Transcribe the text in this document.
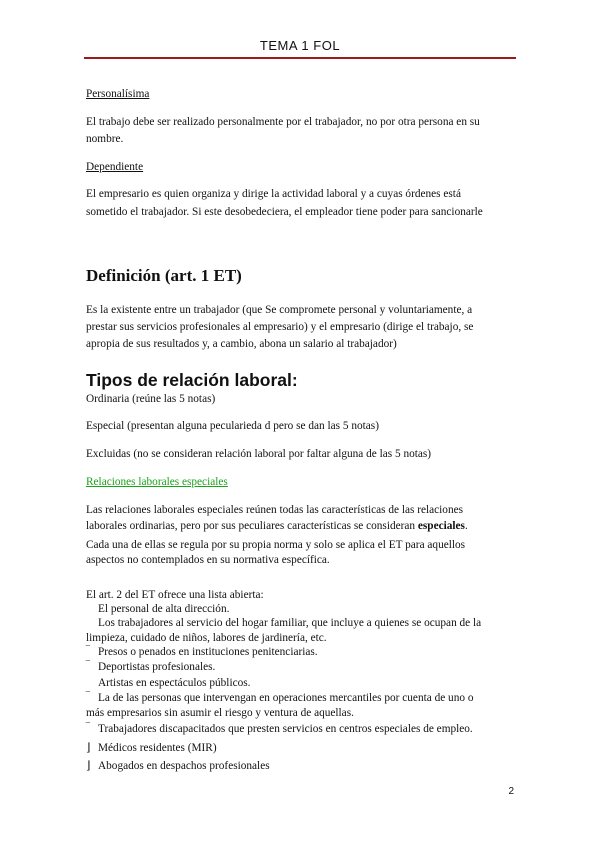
TEMA 1 FOL
Personalísima
El trabajo debe ser realizado personalmente por el trabajador, no por otra persona en su
nombre.
Dependiente
El empresario es quien organiza y dirige la actividad laboral y a cuyas órdenes está
sometido el trabajador. Si este desobedeciera, el empleador tiene poder para sancionarle
Definición (art. 1 ET)
Es la existente entre un trabajador (que Se compromete personal y voluntariamente, a
prestar sus servicios profesionales al empresario) y el empresario (dirige el trabajo, se
apropia de sus resultados y, a cambio, abona un salario al trabajador)
Tipos de relación laboral:
Ordinaria (reúne las 5 notas)
Especial (presentan alguna pecularieda d pero se dan las 5 notas)
Excluidas (no se consideran relación laboral por faltar alguna de las 5 notas)
Relaciones laborales especiales
Las relaciones laborales especiales reúnen todas las características de las relaciones
laborales ordinarias, pero por sus peculiares características se consideran especiales.
Cada una de ellas se regula por su propia norma y solo se aplica el ET para aquellos
aspectos no contemplados en su normativa específica.
El art. 2 del ET ofrece una lista abierta:
El personal de alta dirección.
Los trabajadores al servicio del hogar familiar, que incluye a quienes se ocupan de la
limpieza, cuidado de niños, labores de jardinería, etc.
‾ Presos o penados en instituciones penitenciarias.
‾ Deportistas profesionales.
Artistas en espectáculos públicos.
‾ La de las personas que intervengan en operaciones mercantiles por cuenta de uno o
más empresarios sin asumir el riesgo y ventura de aquellas.
‾ Trabajadores discapacitados que presten servicios en centros especiales de empleo.
⌋ Médicos residentes (MIR)
⌋ Abogados en despachos profesionales
2
